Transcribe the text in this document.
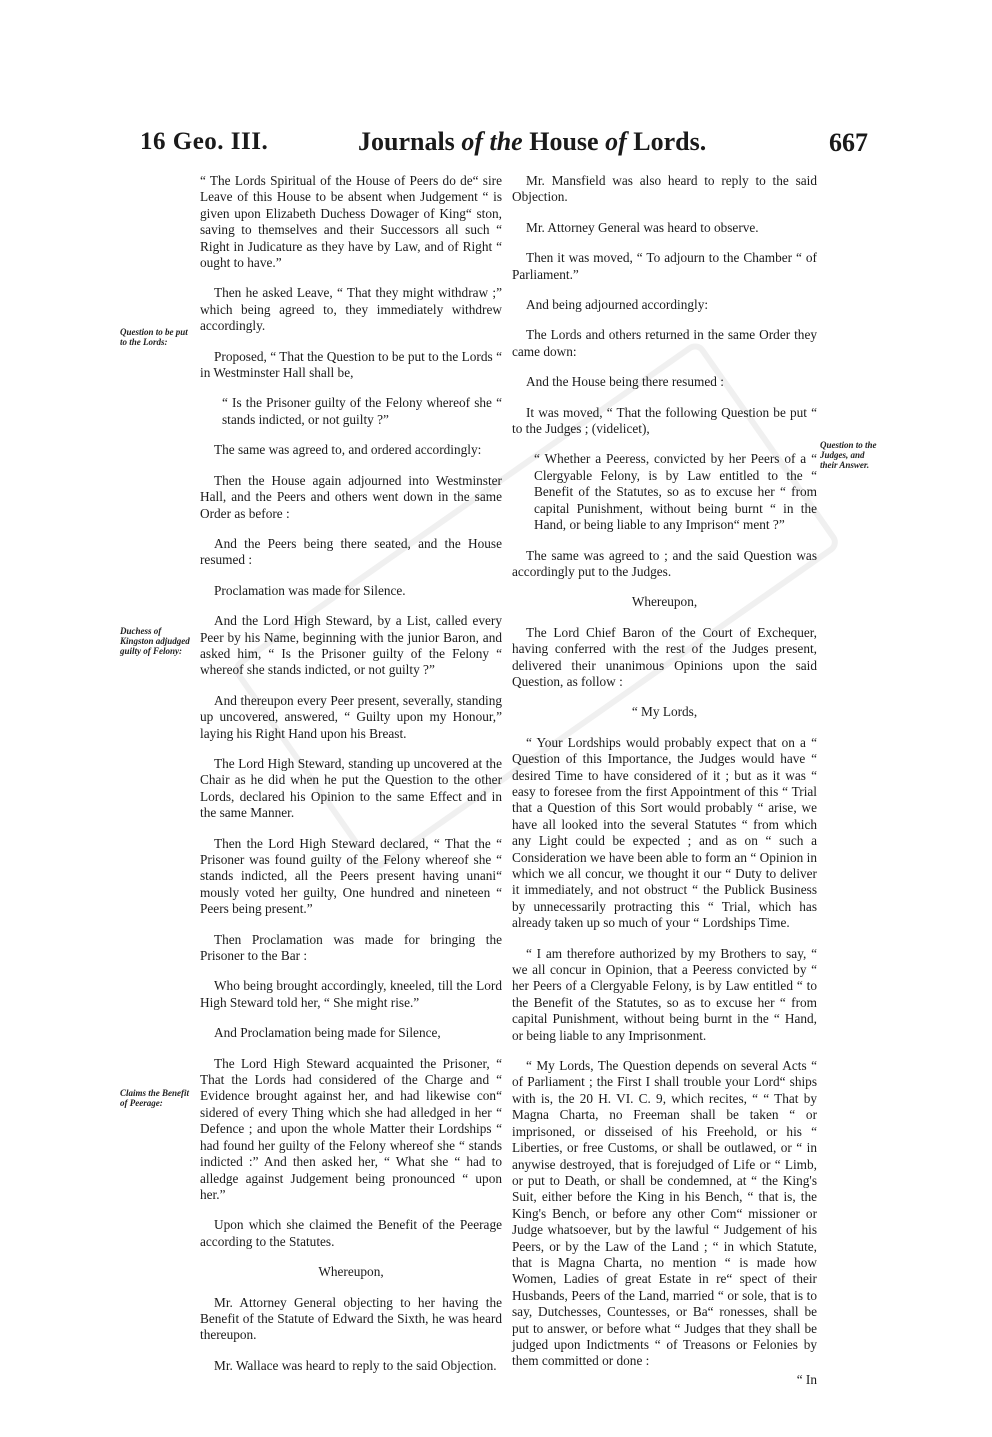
16 Geo. III.	Journals of the House of Lords.	667
Question to be put to the Lords:
Duchess of Kingston adjudged guilty of Felony:
Claims the Benefit of Peerage:
Question to the Judges, and their Answer.

“ The Lords Spiritual of the House of Peers do de“ sire Leave of this House to be absent when Judgement “ is given upon Elizabeth Duchess Dowager of King“ ston, saving to themselves and their Successors all such “ Right in Judicature as they have by Law, and of Right “ ought to have.”

Then he asked Leave, “ That they might withdraw ;” which being agreed to, they immediately withdrew accordingly.

Proposed, “ That the Question to be put to the Lords “ in Westminster Hall shall be,

“ Is the Prisoner guilty of the Felony whereof she “ stands indicted, or not guilty ?”

The same was agreed to, and ordered accordingly:

Then the House again adjourned into Westminster Hall, and the Peers and others went down in the same Order as before :

And the Peers being there seated, and the House resumed :

Proclamation was made for Silence.

And the Lord High Steward, by a List, called every Peer by his Name, beginning with the junior Baron, and asked him, “ Is the Prisoner guilty of the Felony “ whereof she stands indicted, or not guilty ?”

And thereupon every Peer present, severally, standing up uncovered, answered, “ Guilty upon my Honour,” laying his Right Hand upon his Breast.

The Lord High Steward, standing up uncovered at the Chair as he did when he put the Question to the other Lords, declared his Opinion to the same Effect and in the same Manner.

Then the Lord High Steward declared, “ That the “ Prisoner was found guilty of the Felony whereof she “ stands indicted, all the Peers present having unani“ mously voted her guilty, One hundred and nineteen “ Peers being present.”

Then Proclamation was made for bringing the Prisoner to the Bar :

Who being brought accordingly, kneeled, till the Lord High Steward told her, “ She might rise.”

And Proclamation being made for Silence,

The Lord High Steward acquainted the Prisoner, “ That the Lords had considered of the Charge and “ Evidence brought against her, and had likewise con“ sidered of every Thing which she had alledged in her “ Defence ; and upon the whole Matter their Lordships “ had found her guilty of the Felony whereof she “ stands indicted :” And then asked her, “ What she “ had to alledge against Judgement being pronounced “ upon her.”

Upon which she claimed the Benefit of the Peerage according to the Statutes.

Whereupon,

Mr. Attorney General objecting to her having the Benefit of the Statute of Edward the Sixth, he was heard thereupon.

Mr. Wallace was heard to reply to the said Objection.

Mr. Mansfield was also heard to reply to the said Objection.

Mr. Attorney General was heard to observe.

Then it was moved, “ To adjourn to the Chamber “ of Parliament.”

And being adjourned accordingly:

The Lords and others returned in the same Order they came down:

And the House being there resumed :

It was moved, “ That the following Question be put “ to the Judges ; (videlicet),

“ Whether a Peeress, convicted by her Peers of a “ Clergyable Felony, is by Law entitled to the “ Benefit of the Statutes, so as to excuse her “ from capital Punishment, without being burnt “ in the Hand, or being liable to any Imprison“ ment ?”

The same was agreed to ; and the said Question was accordingly put to the Judges.

Whereupon,

The Lord Chief Baron of the Court of Exchequer, having conferred with the rest of the Judges present, delivered their unanimous Opinions upon the said Question, as follow :

“ My Lords,

“ Your Lordships would probably expect that on a “ Question of this Importance, the Judges would have “ desired Time to have considered of it ; but as it was “ easy to foresee from the first Appointment of this “ Trial that a Question of this Sort would probably “ arise, we have all looked into the several Statutes “ from which any Light could be expected ; and as on “ such a Consideration we have been able to form an “ Opinion in which we all concur, we thought it our “ Duty to deliver it immediately, and not obstruct “ the Publick Business by unnecessarily protracting this “ Trial, which has already taken up so much of your “ Lordships Time.

“ I am therefore authorized by my Brothers to say, “ we all concur in Opinion, that a Peeress convicted by “ her Peers of a Clergyable Felony, is by Law entitled “ to the Benefit of the Statutes, so as to excuse her “ from capital Punishment, without being burnt in the “ Hand, or being liable to any Imprisonment.

“ My Lords, The Question depends on several Acts “ of Parliament ; the First I shall trouble your Lord“ ships with is, the 20 H. VI. C. 9, which recites, “ “ That by Magna Charta, no Freeman shall be taken “ or imprisoned, or disseised of his Freehold, or his “ Liberties, or free Customs, or shall be outlawed, or “ in anywise destroyed, that is forejudged of Life or “ Limb, or put to Death, or shall be condemned, at “ the King's Suit, either before the King in his Bench, “ that is, the King's Bench, or before any other Com“ missioner or Judge whatsoever, but by the lawful “ Judgement of his Peers, or by the Law of the Land ; “ in which Statute, that is Magna Charta, no mention “ is made how Women, Ladies of great Estate in re“ spect of their Husbands, Peers of the Land, married “ or sole, that is to say, Dutchesses, Countesses, or Ba“ ronesses, shall be put to answer, or before what “ Judges that they shall be judged upon Indictments “ of Treasons or Felonies by them committed or done :

“ In
